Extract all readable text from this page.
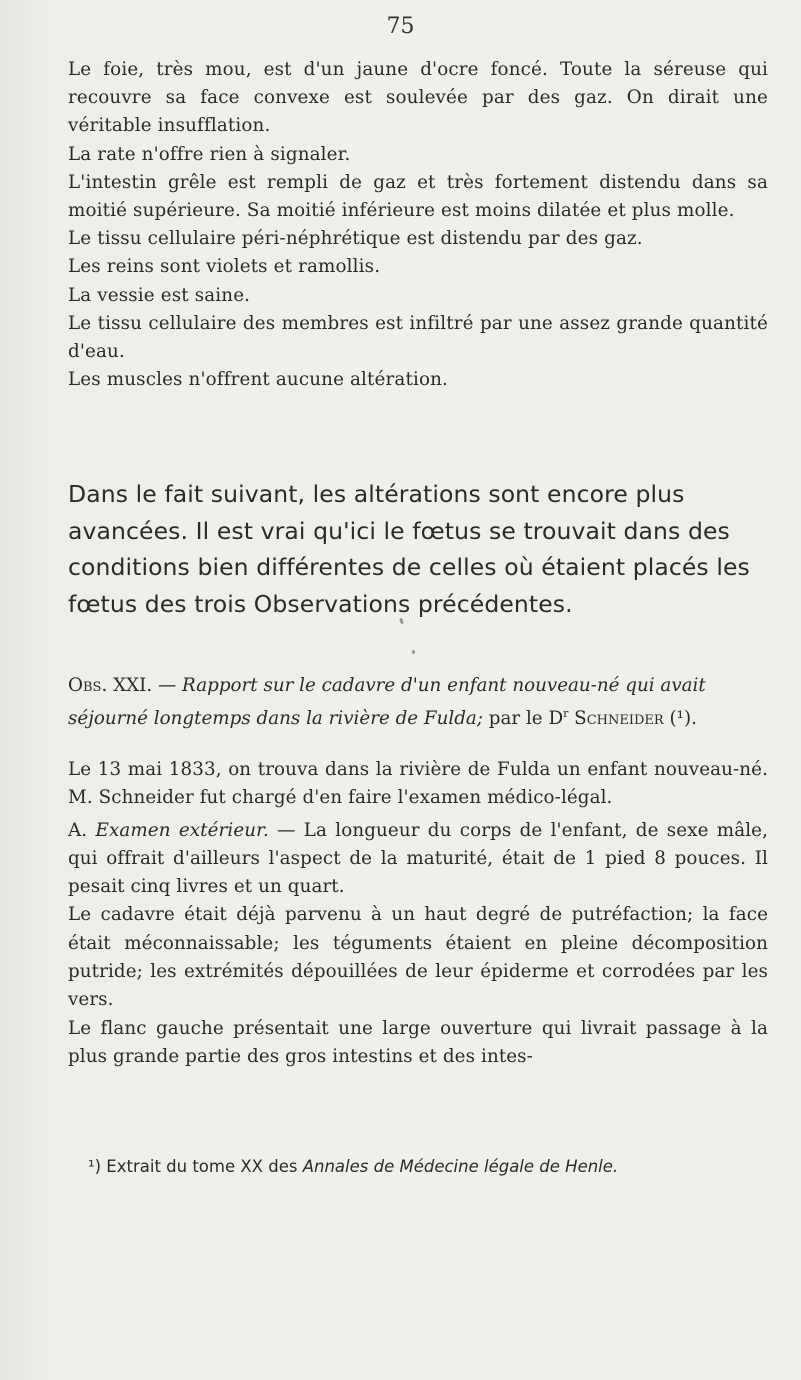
75

Le foie, très mou, est d'un jaune d'ocre foncé. Toute la séreuse qui recouvre sa face convexe est soulevée par des gaz. On dirait une véritable insufflation.

La rate n'offre rien à signaler.

L'intestin grêle est rempli de gaz et très fortement distendu dans sa moitié supérieure. Sa moitié inférieure est moins dilatée et plus molle.

Le tissu cellulaire péri-néphrétique est distendu par des gaz.

Les reins sont violets et ramollis.

La vessie est saine.

Le tissu cellulaire des membres est infiltré par une assez grande quantité d'eau.

Les muscles n'offrent aucune altération.

Dans le fait suivant, les altérations sont encore plus avancées. Il est vrai qu'ici le fœtus se trouvait dans des conditions bien différentes de celles où étaient placés les fœtus des trois Observations précédentes.

Obs. XXI. — Rapport sur le cadavre d'un enfant nouveau-né qui avait séjourné longtemps dans la rivière de Fulda; par le $D^r$ Schneider (¹).

Le 13 mai 1833, on trouva dans la rivière de Fulda un enfant nouveau-né. M. Schneider fut chargé d'en faire l'examen médico-légal.

A. Examen extérieur. — La longueur du corps de l'enfant, de sexe mâle, qui offrait d'ailleurs l'aspect de la maturité, était de 1 pied 8 pouces. Il pesait cinq livres et un quart.

Le cadavre était déjà parvenu à un haut degré de putréfaction; la face était méconnaissable; les téguments étaient en pleine décomposition putride; les extrémités dépouillées de leur épiderme et corrodées par les vers.

Le flanc gauche présentait une large ouverture qui livrait passage à la plus grande partie des gros intestins et des intes-

¹) Extrait du tome XX des Annales de Médecine légale de Henle.
